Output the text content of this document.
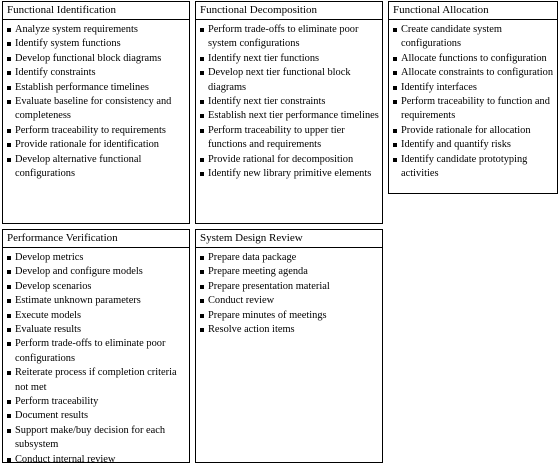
Functional Identification
Analyze system requirements
Identify system functions
Develop functional block diagrams
Identify constraints
Establish performance timelines
Evaluate baseline for consistency and completeness
Perform traceability to requirements
Provide rationale for identification
Develop alternative functional configurations
Functional Decomposition
Perform trade-offs to eliminate poor system configurations
Identify next tier functions
Develop next tier functional block diagrams
Identify next tier constraints
Establish next tier performance timelines
Perform traceability to upper tier functions and requirements
Provide rational for decomposition
Identify new library primitive elements
Functional Allocation
Create candidate system configurations
Allocate functions to configuration
Allocate constraints to configuration
Identify interfaces
Perform traceability to function and requirements
Provide rationale for allocation
Identify and quantify risks
Identify candidate prototyping activities
Performance Verification
Develop metrics
Develop and configure models
Develop scenarios
Estimate unknown parameters
Execute models
Evaluate results
Perform trade-offs to eliminate poor configurations
Reiterate process if completion criteria not met
Perform traceability
Document results
Support make/buy decision for each subsystem
Conduct internal review
System Design Review
Prepare data package
Prepare meeting agenda
Prepare presentation material
Conduct review
Prepare minutes of meetings
Resolve action items
